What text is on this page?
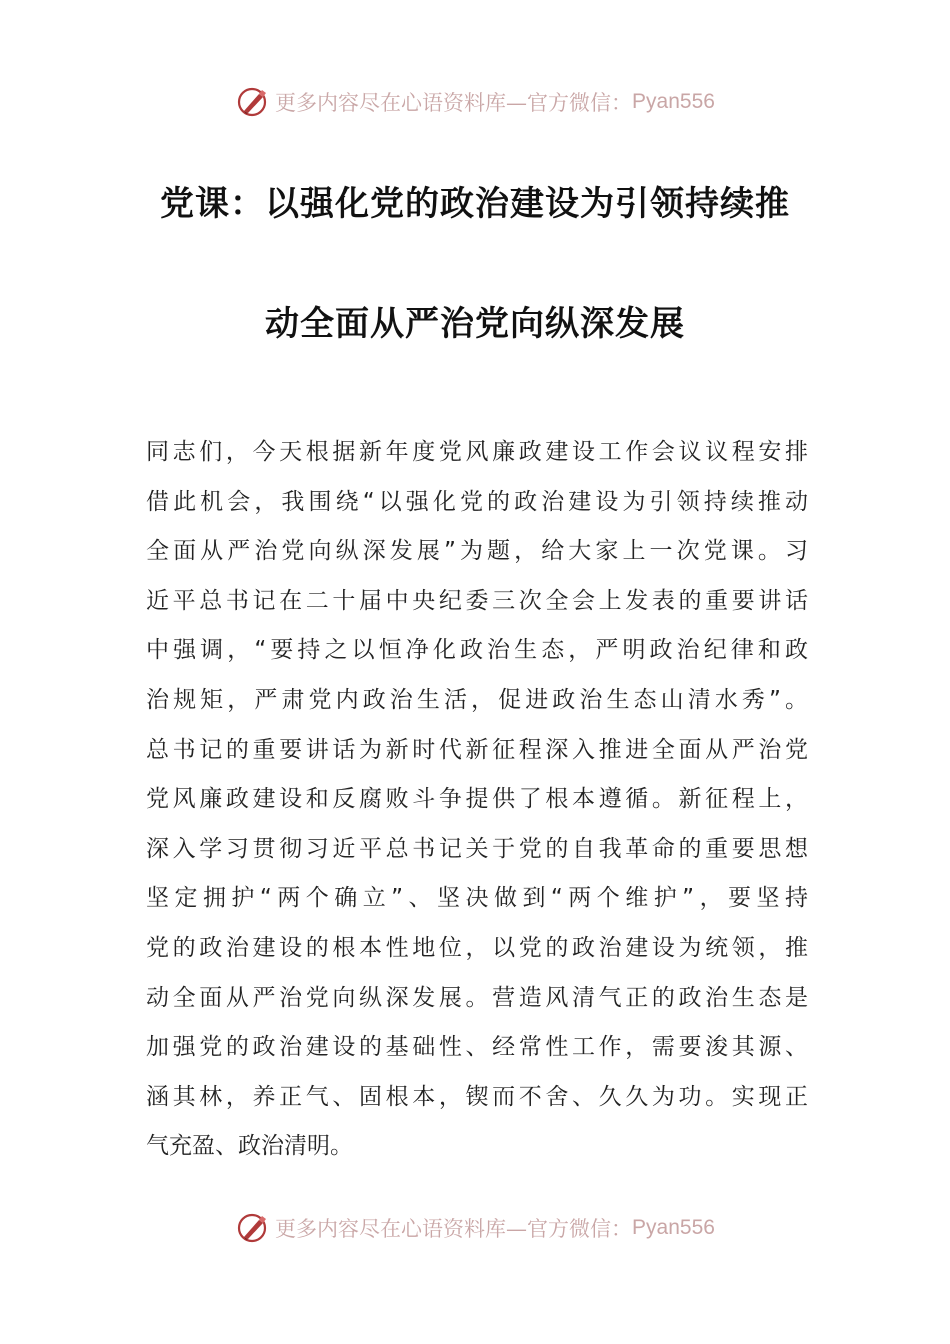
更多内容尽在心语资料库—官方微信： Pyan556
党课：以强化党的政治建设为引领持续推
动全面从严治党向纵深发展
同志们，今天根据新年度党风廉政建设工作会议议程安排
借此机会，我围绕“以强化党的政治建设为引领持续推动
全面从严治党向纵深发展”为题，给大家上一次党课。习
近平总书记在二十届中央纪委三次全会上发表的重要讲话
中强调，“要持之以恒净化政治生态，严明政治纪律和政
治规矩，严肃党内政治生活，促进政治生态山清水秀”。
总书记的重要讲话为新时代新征程深入推进全面从严治党
党风廉政建设和反腐败斗争提供了根本遵循。新征程上，
深入学习贯彻习近平总书记关于党的自我革命的重要思想
坚定拥护“两个确立”、坚决做到“两个维护”，要坚持
党的政治建设的根本性地位，以党的政治建设为统领，推
动全面从严治党向纵深发展。营造风清气正的政治生态是
加强党的政治建设的基础性、经常性工作，需要浚其源、
涵其林，养正气、固根本，锲而不舍、久久为功。实现正
气充盈、政治清明。
更多内容尽在心语资料库—官方微信： Pyan556
